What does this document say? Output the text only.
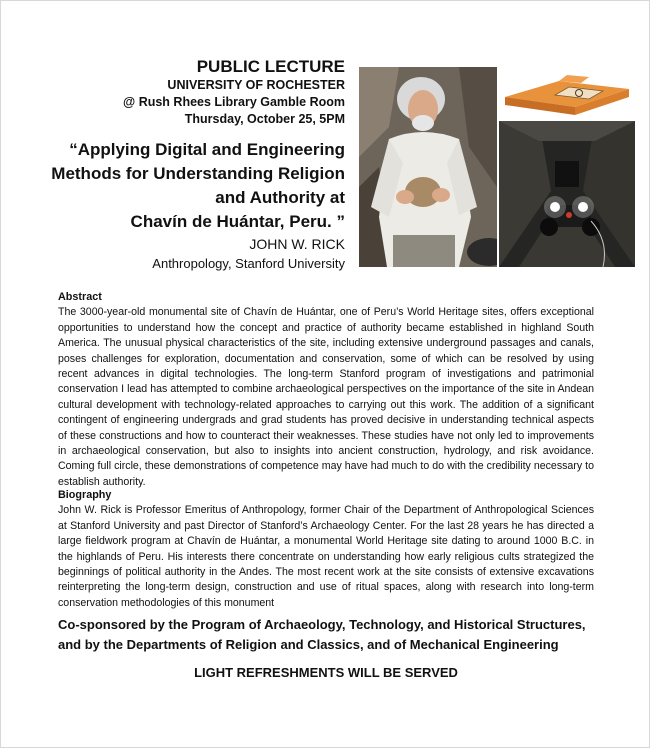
PUBLIC LECTURE
UNIVERSITY OF ROCHESTER
@ Rush Rhees Library Gamble Room
Thursday, October 25, 5PM
“Applying Digital and Engineering
Methods for Understanding Religion
and Authority at
Chavín de Huántar, Peru. ”
JOHN W. RICK
Anthropology, Stanford University
Abstract
The 3000-year-old monumental site of Chavín de Huántar, one of Peru’s World Heritage sites, offers exceptional opportunities to understand how the concept and practice of authority became established in highland South America. The unusual physical characteristics of the site, including extensive underground passages and canals, poses challenges for exploration, documentation and conservation, some of which can be resolved by using recent advances in digital technologies. The long-term Stanford program of investigations and patrimonial conservation I lead has attempted to combine archaeological perspectives on the importance of the site in Andean cultural development with technology-related approaches to carrying out this work. The addition of a significant contingent of engineering undergrads and grad students has proved decisive in understanding technical aspects of these constructions and how to counteract their weaknesses. These studies have not only led to improvements in archaeological conservation, but also to insights into ancient construction, hydrology, and risk avoidance. Coming full circle, these demonstrations of competence may have had much to do with the credibility necessary to establish authority.
Biography
John W. Rick is Professor Emeritus of Anthropology, former Chair of the Department of Anthropological Sciences at Stanford University and past Director of Stanford’s Archaeology Center. For the last 28 years he has directed a large fieldwork program at Chavín de Huántar, a monumental World Heritage site dating to around 1000 B.C. in the highlands of Peru. His interests there concentrate on understanding how early religious cults strategized the beginnings of political authority in the Andes. The most recent work at the site consists of extensive excavations reinterpreting the long-term design, construction and use of ritual spaces, along with research into long-term conservation methodologies of this monument
Co-sponsored by the Program of Archaeology, Technology, and Historical Structures,
and by the Departments of Religion and Classics, and of Mechanical Engineering
LIGHT REFRESHMENTS WILL BE SERVED
